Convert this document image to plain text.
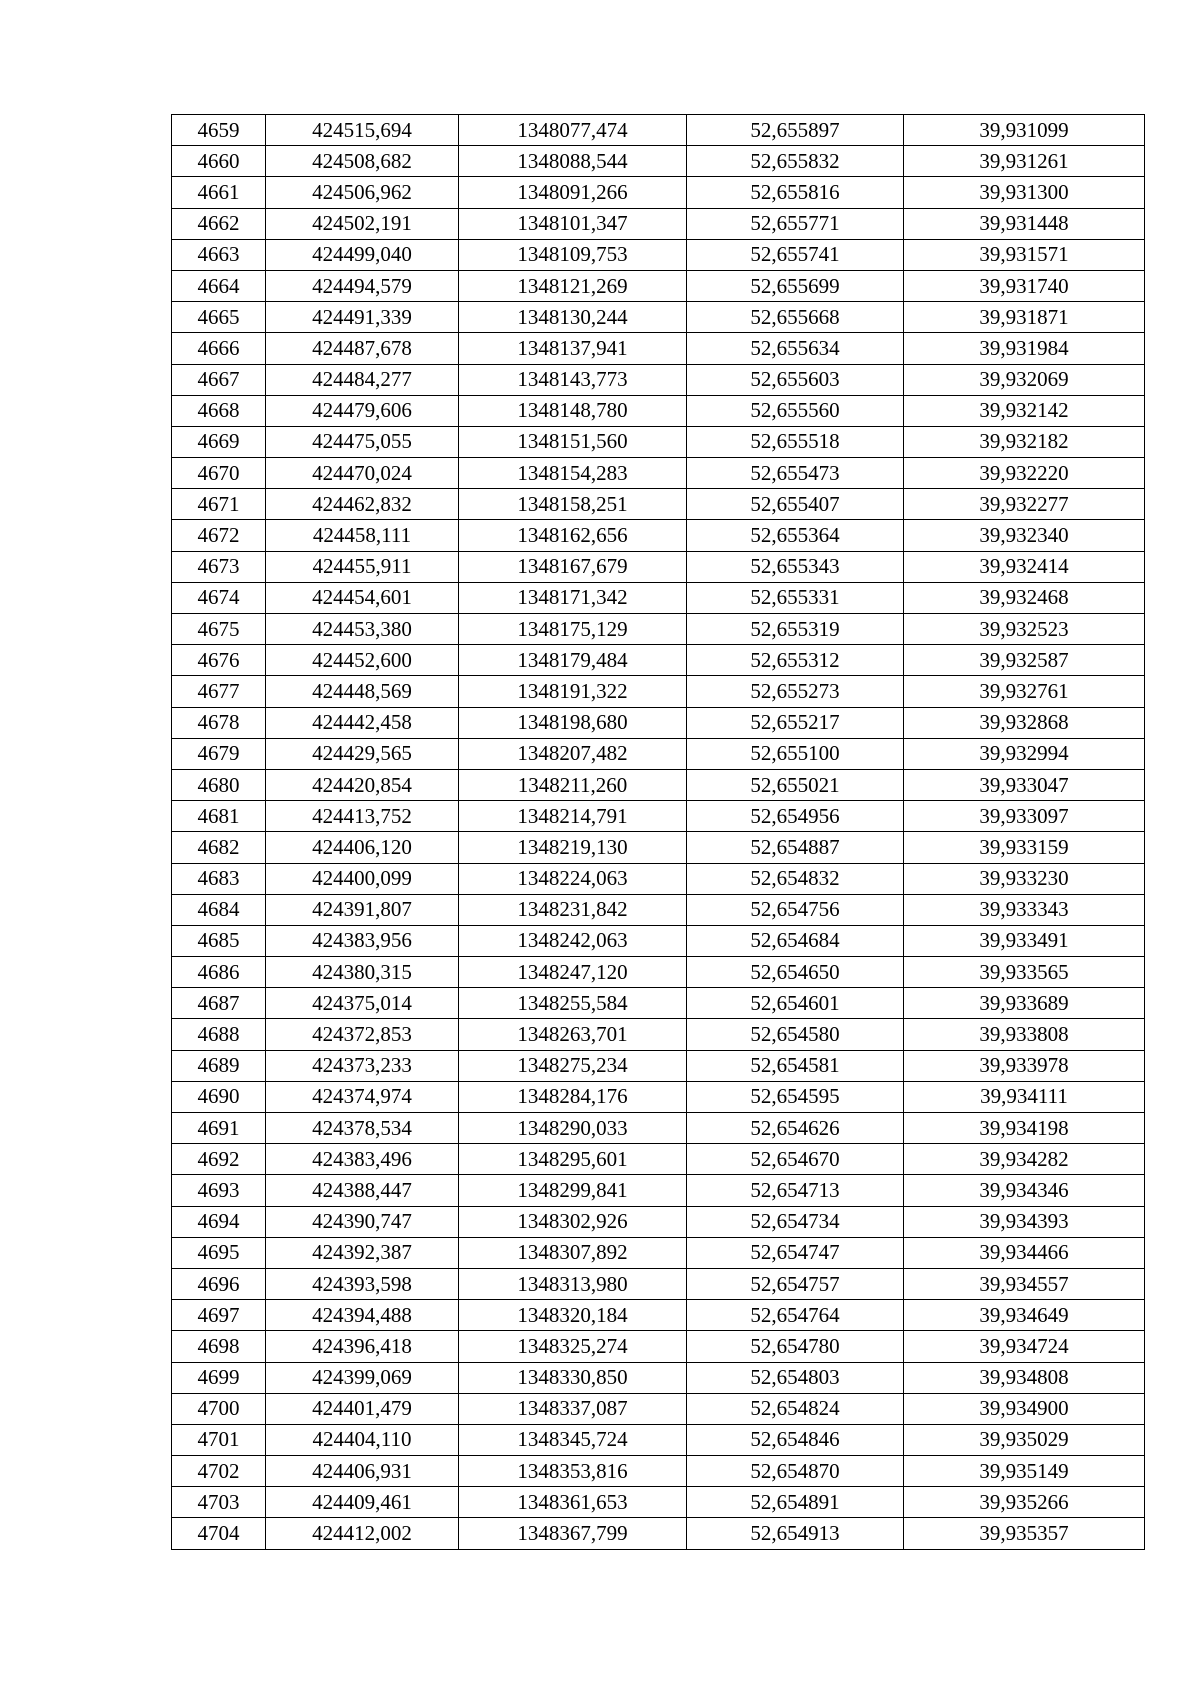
4659	424515,694	1348077,474	52,655897	39,931099
4660	424508,682	1348088,544	52,655832	39,931261
4661	424506,962	1348091,266	52,655816	39,931300
4662	424502,191	1348101,347	52,655771	39,931448
4663	424499,040	1348109,753	52,655741	39,931571
4664	424494,579	1348121,269	52,655699	39,931740
4665	424491,339	1348130,244	52,655668	39,931871
4666	424487,678	1348137,941	52,655634	39,931984
4667	424484,277	1348143,773	52,655603	39,932069
4668	424479,606	1348148,780	52,655560	39,932142
4669	424475,055	1348151,560	52,655518	39,932182
4670	424470,024	1348154,283	52,655473	39,932220
4671	424462,832	1348158,251	52,655407	39,932277
4672	424458,111	1348162,656	52,655364	39,932340
4673	424455,911	1348167,679	52,655343	39,932414
4674	424454,601	1348171,342	52,655331	39,932468
4675	424453,380	1348175,129	52,655319	39,932523
4676	424452,600	1348179,484	52,655312	39,932587
4677	424448,569	1348191,322	52,655273	39,932761
4678	424442,458	1348198,680	52,655217	39,932868
4679	424429,565	1348207,482	52,655100	39,932994
4680	424420,854	1348211,260	52,655021	39,933047
4681	424413,752	1348214,791	52,654956	39,933097
4682	424406,120	1348219,130	52,654887	39,933159
4683	424400,099	1348224,063	52,654832	39,933230
4684	424391,807	1348231,842	52,654756	39,933343
4685	424383,956	1348242,063	52,654684	39,933491
4686	424380,315	1348247,120	52,654650	39,933565
4687	424375,014	1348255,584	52,654601	39,933689
4688	424372,853	1348263,701	52,654580	39,933808
4689	424373,233	1348275,234	52,654581	39,933978
4690	424374,974	1348284,176	52,654595	39,934111
4691	424378,534	1348290,033	52,654626	39,934198
4692	424383,496	1348295,601	52,654670	39,934282
4693	424388,447	1348299,841	52,654713	39,934346
4694	424390,747	1348302,926	52,654734	39,934393
4695	424392,387	1348307,892	52,654747	39,934466
4696	424393,598	1348313,980	52,654757	39,934557
4697	424394,488	1348320,184	52,654764	39,934649
4698	424396,418	1348325,274	52,654780	39,934724
4699	424399,069	1348330,850	52,654803	39,934808
4700	424401,479	1348337,087	52,654824	39,934900
4701	424404,110	1348345,724	52,654846	39,935029
4702	424406,931	1348353,816	52,654870	39,935149
4703	424409,461	1348361,653	52,654891	39,935266
4704	424412,002	1348367,799	52,654913	39,935357
